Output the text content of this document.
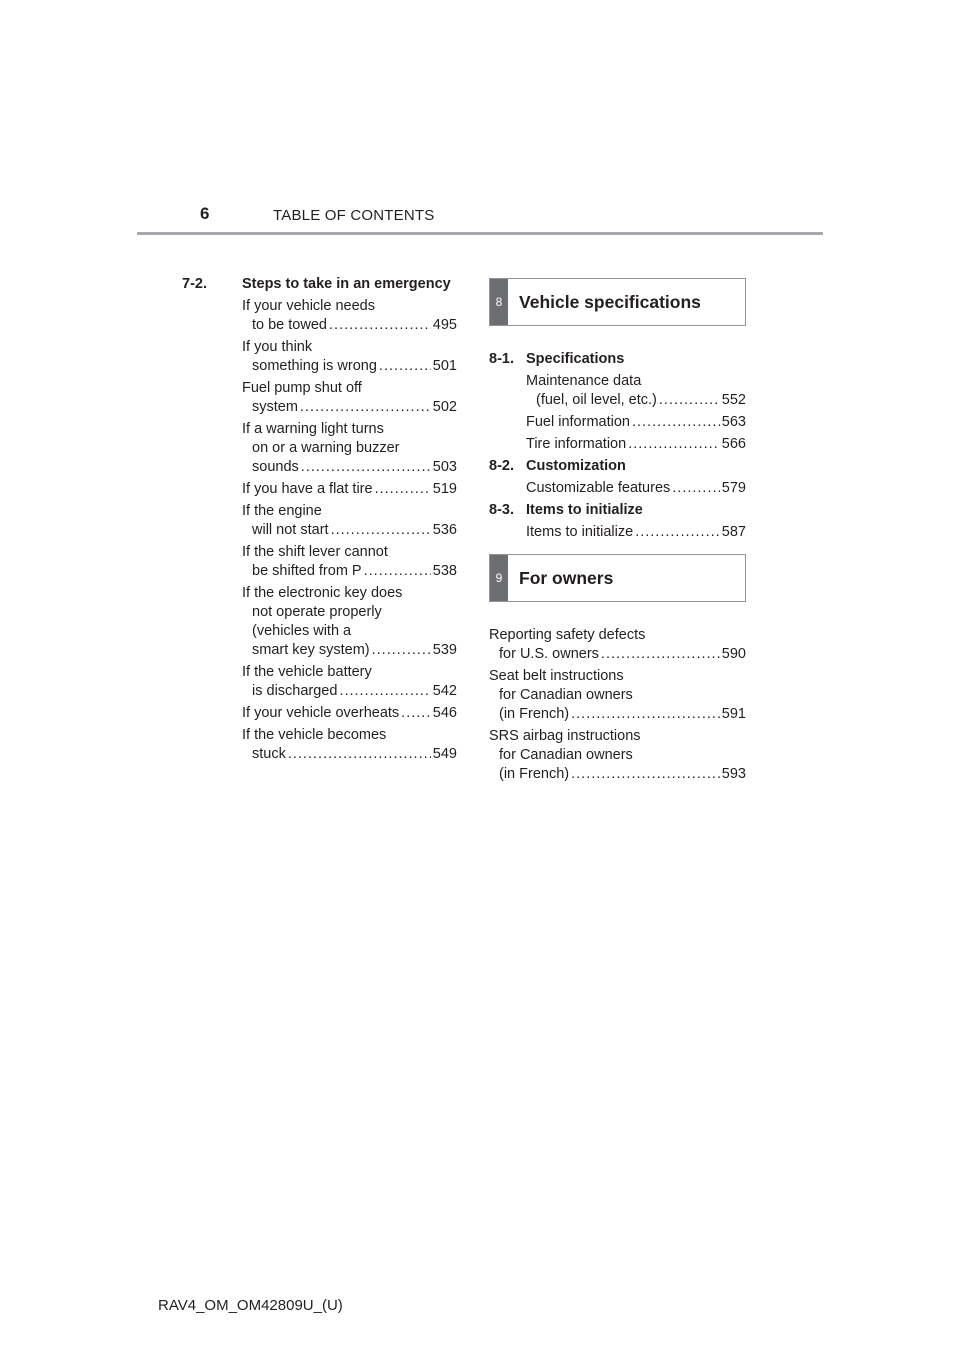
6	TABLE OF CONTENTS
7-2.	Steps to take in an emergency
If your vehicle needs
to be towed .....	495
If you think
something is wrong .....	501
Fuel pump shut off
system .....	502
If a warning light turns
on or a warning buzzer
sounds .....	503
If you have a flat tire .....	519
If the engine
will not start .....	536
If the shift lever cannot
be shifted from P .....	538
If the electronic key does
not operate properly
(vehicles with a
smart key system) .....	539
If the vehicle battery
is discharged .....	542
If your vehicle overheats ..... 546
If the vehicle becomes
stuck .....	549
8 Vehicle specifications
8-1. Specifications
Maintenance data
(fuel, oil level, etc.) .....	552
Fuel information .....	563
Tire information .....	566
8-2. Customization
Customizable features .....	579
8-3. Items to initialize
Items to initialize .....	587
9 For owners
Reporting safety defects
for U.S. owners .....	590
Seat belt instructions
for Canadian owners
(in French) .....	591
SRS airbag instructions
for Canadian owners
(in French) .....	593
RAV4_OM_OM42809U_(U)
